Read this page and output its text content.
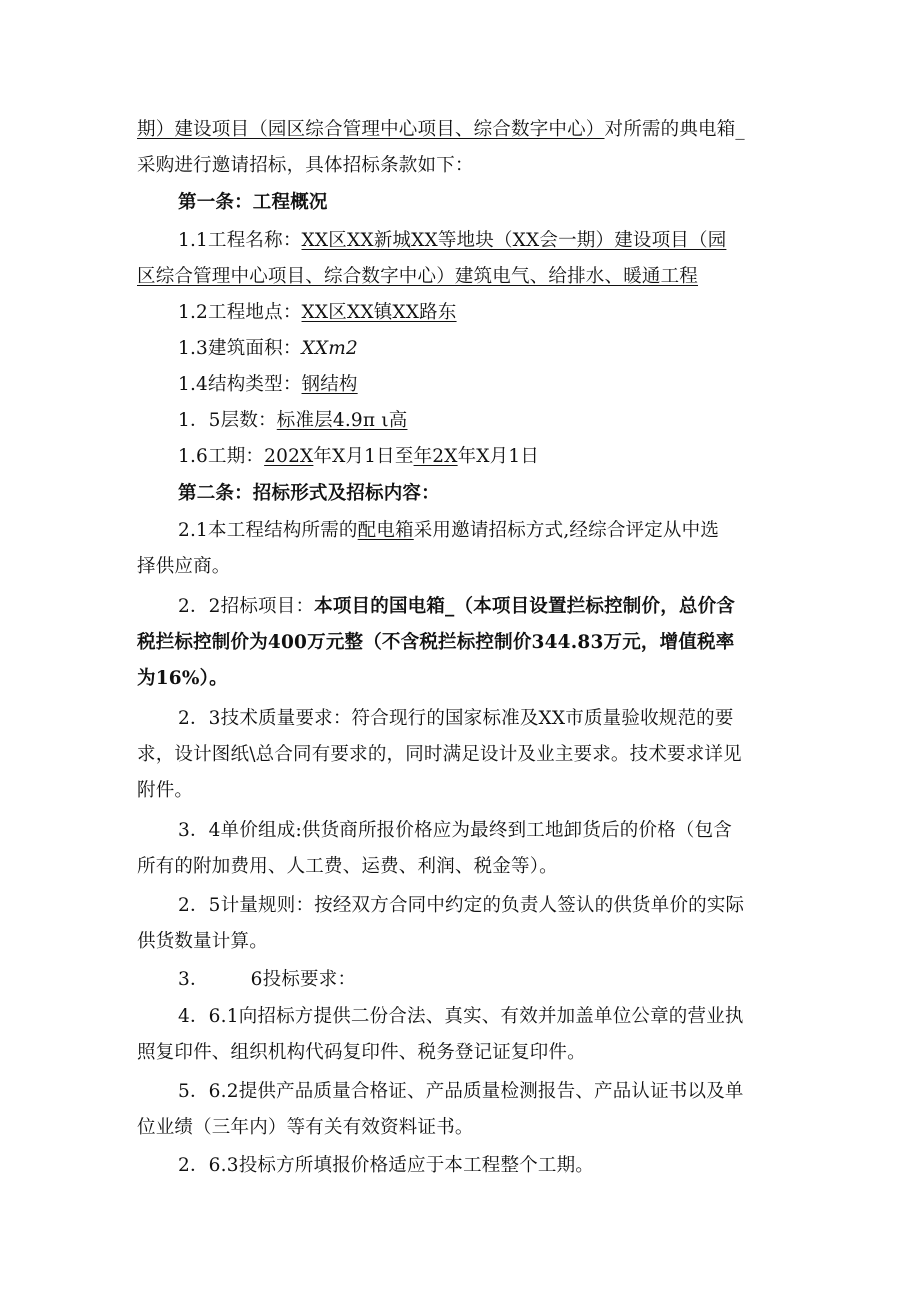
期）建设项目（园区综合管理中心项目、综合数字中心）对所需的典电箱_
采购进行邀请招标，具体招标条款如下：
第一条：工程概况
1.1工程名称：XX区XX新城XX等地块（XX会一期）建设项目（园
区综合管理中心项目、综合数字中心）建筑电气、给排水、暖通工程
1.2工程地点：XX区XX镇XX路东
1.3建筑面积：XXm2
1.4结构类型：钢结构
1．5层数：标准层4.9π ι高
1.6工期：202X年X月1日至年2X年X月1日
第二条：招标形式及招标内容：
2.1本工程结构所需的配电箱采用邀请招标方式,经综合评定从中选
择供应商。
2．2招标项目：本项目的国电箱_（本项目设置拦标控制价，总价含
税拦标控制价为400万元整（不含税拦标控制价344.83万元，增值税率
为16%）。
2．3技术质量要求：符合现行的国家标准及XX市质量验收规范的要
求，设计图纸\总合同有要求的，同时满足设计及业主要求。技术要求详见
附件。
3．4单价组成:供货商所报价格应为最终到工地卸货后的价格（包含
所有的附加费用、人工费、运费、利润、税金等）。
2．5计量规则：按经双方合同中约定的负责人签认的供货单价的实际
供货数量计算。
3． 6投标要求：
4．6.1向招标方提供二份合法、真实、有效并加盖单位公章的营业执
照复印件、组织机构代码复印件、税务登记证复印件。
5．6.2提供产品质量合格证、产品质量检测报告、产品认证书以及单
位业绩（三年内）等有关有效资料证书。
2．6.3投标方所填报价格适应于本工程整个工期。
